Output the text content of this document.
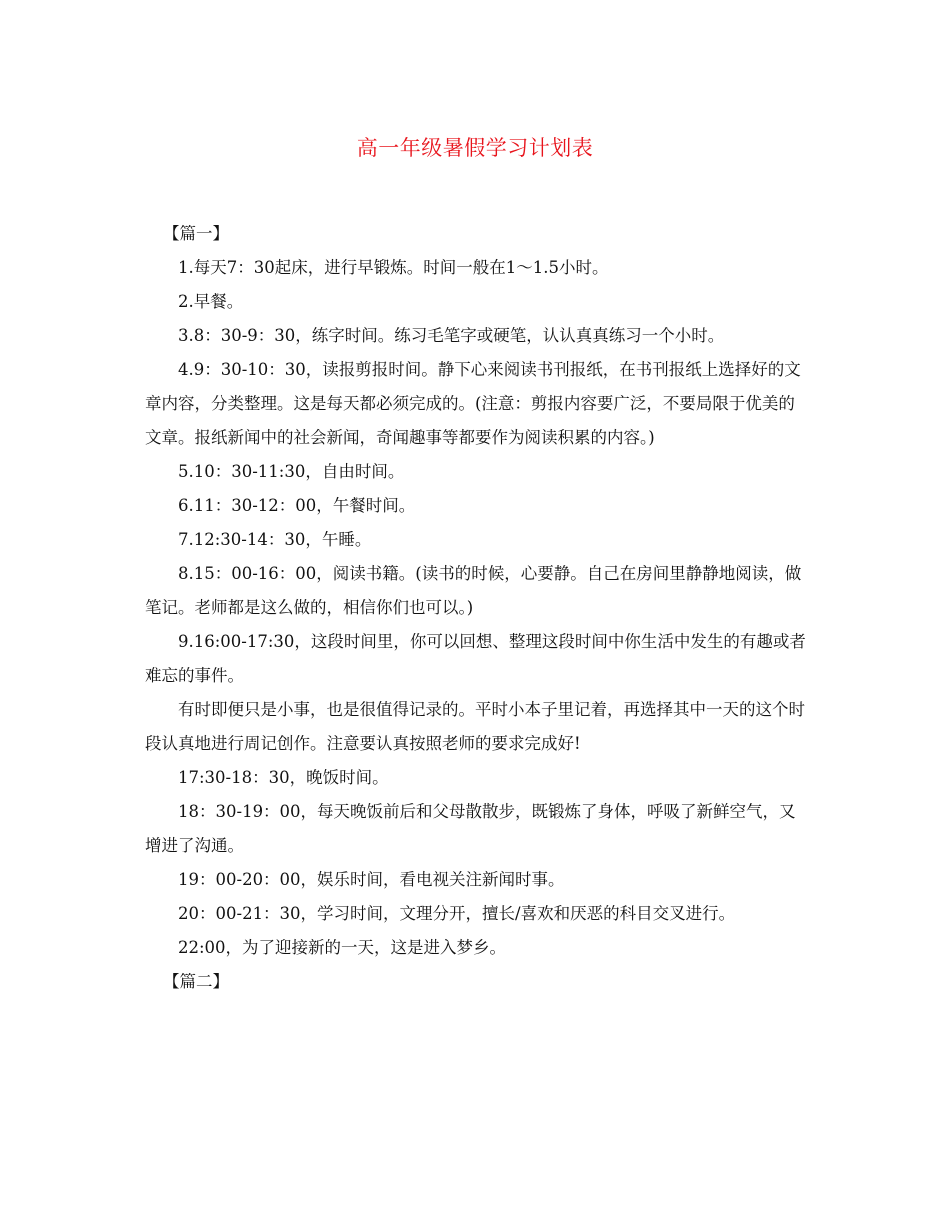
高一年级暑假学习计划表

【篇一】

1.每天7：30起床，进行早锻炼。时间一般在1～1.5小时。

2.早餐。

3.8：30-9：30，练字时间。练习毛笔字或硬笔，认认真真练习一个小时。

4.9：30-10：30，读报剪报时间。静下心来阅读书刊报纸，在书刊报纸上选择好的文章内容，分类整理。这是每天都必须完成的。(注意：剪报内容要广泛，不要局限于优美的文章。报纸新闻中的社会新闻，奇闻趣事等都要作为阅读积累的内容。)

5.10：30-11:30，自由时间。

6.11：30-12：00，午餐时间。

7.12:30-14：30，午睡。

8.15：00-16：00，阅读书籍。(读书的时候，心要静。自己在房间里静静地阅读，做笔记。老师都是这么做的，相信你们也可以。)

9.16:00-17:30，这段时间里，你可以回想、整理这段时间中你生活中发生的有趣或者难忘的事件。

有时即便只是小事，也是很值得记录的。平时小本子里记着，再选择其中一天的这个时段认真地进行周记创作。注意要认真按照老师的要求完成好!

17:30-18：30，晚饭时间。

18：30-19：00，每天晚饭前后和父母散散步，既锻炼了身体，呼吸了新鲜空气，又增进了沟通。

19：00-20：00，娱乐时间，看电视关注新闻时事。

20：00-21：30，学习时间，文理分开，擅长/喜欢和厌恶的科目交叉进行。

22:00，为了迎接新的一天，这是进入梦乡。

【篇二】
